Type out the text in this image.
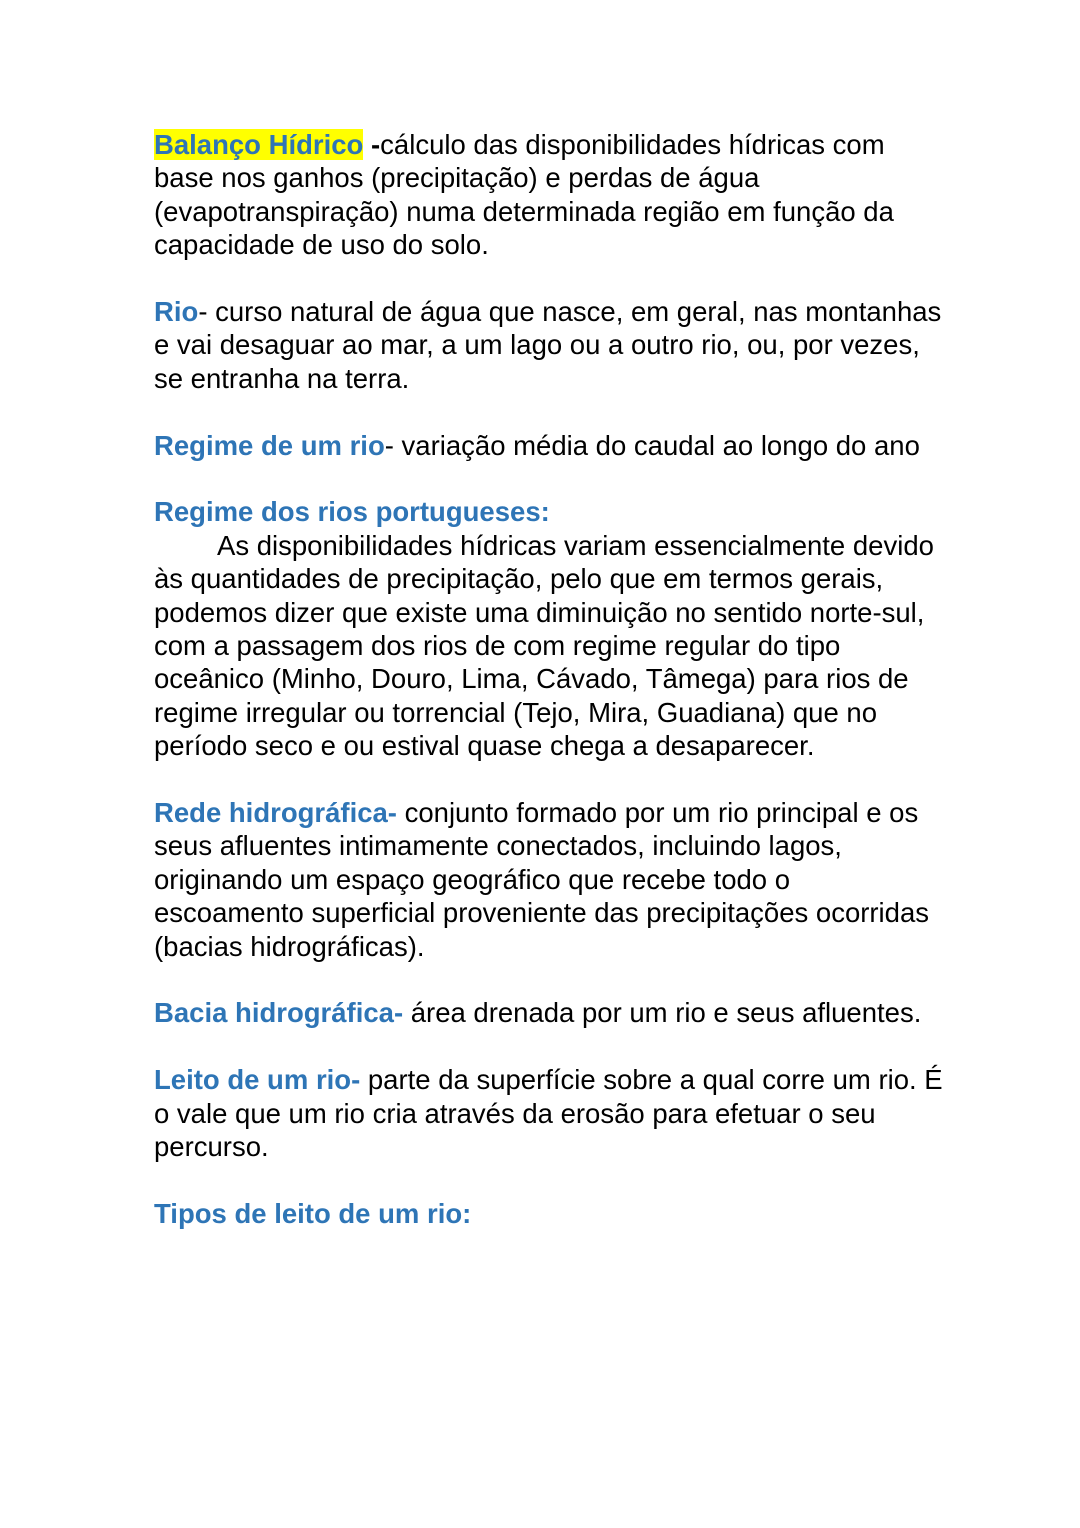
Balanço Hídrico -cálculo das disponibilidades hídricas com base nos ganhos (precipitação) e perdas de água (evapotranspiração) numa determinada região em função da capacidade de uso do solo.

Rio- curso natural de água que nasce, em geral, nas montanhas e vai desaguar ao mar, a um lago ou a outro rio, ou, por vezes, se entranha na terra.

Regime de um rio- variação média do caudal ao longo do ano

Regime dos rios portugueses:
As disponibilidades hídricas variam essencialmente devido às quantidades de precipitação, pelo que em termos gerais, podemos dizer que existe uma diminuição no sentido norte-sul, com a passagem dos rios de com regime regular do tipo oceânico (Minho, Douro, Lima, Cávado, Tâmega) para rios de regime irregular ou torrencial (Tejo, Mira, Guadiana) que no período seco e ou estival quase chega a desaparecer.

Rede hidrográfica- conjunto formado por um rio principal e os seus afluentes intimamente conectados, incluindo lagos, originando um espaço geográfico que recebe todo o escoamento superficial proveniente das precipitações ocorridas (bacias hidrográficas).

Bacia hidrográfica- área drenada por um rio e seus afluentes.

Leito de um rio- parte da superfície sobre a qual corre um rio. É o vale que um rio cria através da erosão para efetuar o seu percurso.

Tipos de leito de um rio:
